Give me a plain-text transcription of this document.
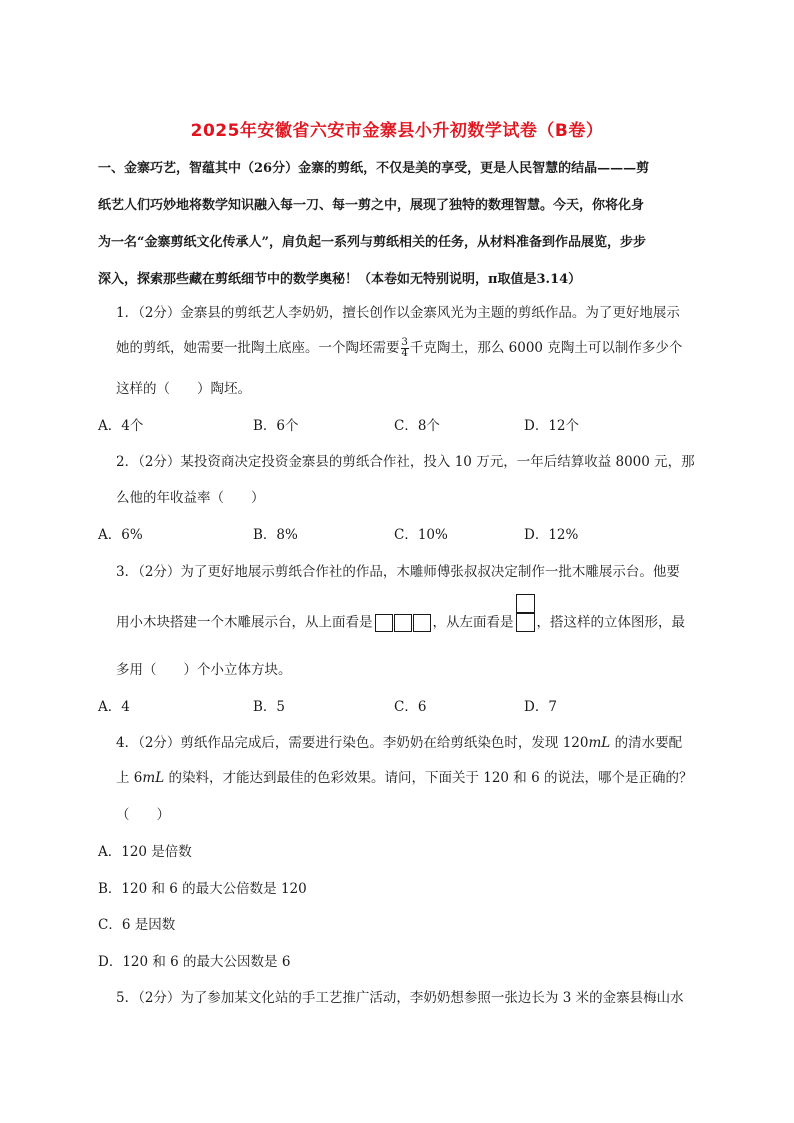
2025年安徽省六安市金寨县小升初数学试卷（B卷）
一、金寨巧艺，智蕴其中（26分）金寨的剪纸，不仅是美的享受，更是人民智慧的结晶———剪
纸艺人们巧妙地将数学知识融入每一刀、每一剪之中，展现了独特的数理智慧。今天，你将化身
为一名“金寨剪纸文化传承人”，肩负起一系列与剪纸相关的任务，从材料准备到作品展览，步步
深入，探索那些藏在剪纸细节中的数学奥秘！（本卷如无特别说明，π取值是3.14）
1．（2分）金寨县的剪纸艺人李奶奶，擅长创作以金寨风光为主题的剪纸作品。为了更好地展示
她的剪纸，她需要一批陶土底座。一个陶坯需要 $\frac{3}{4}$ 千克陶土，那么 6000 克陶土可以制作多少个
这样的（　　）陶坯。
A．4个	B．6个	C．8个	D．12个
2．（2分）某投资商决定投资金寨县的剪纸合作社，投入 10 万元，一年后结算收益 8000 元，那
么他的年收益率（　　）
A．6%	B．8%	C．10%	D．12%
3．（2分）为了更好地展示剪纸合作社的作品，木雕师傅张叔叔决定制作一批木雕展示台。他要
用小木块搭建一个木雕展示台，从上面看是	，从左面看是 ，搭这样的立体图形，最
多用（　　）个小立体方块。
A．4	B．5	C．6	D．7
4．（2分）剪纸作品完成后，需要进行染色。李奶奶在给剪纸染色时，发现 120mL 的清水要配
上 6mL 的染料，才能达到最佳的色彩效果。请问，下面关于 120 和 6 的说法，哪个是正确的？
（　　）
A．120 是倍数
B．120 和 6 的最大公倍数是 120
C．6 是因数
D．120 和 6 的最大公因数是 6
5．（2分）为了参加某文化站的手工艺推广活动，李奶奶想参照一张边长为 3 米的金寨县梅山水
